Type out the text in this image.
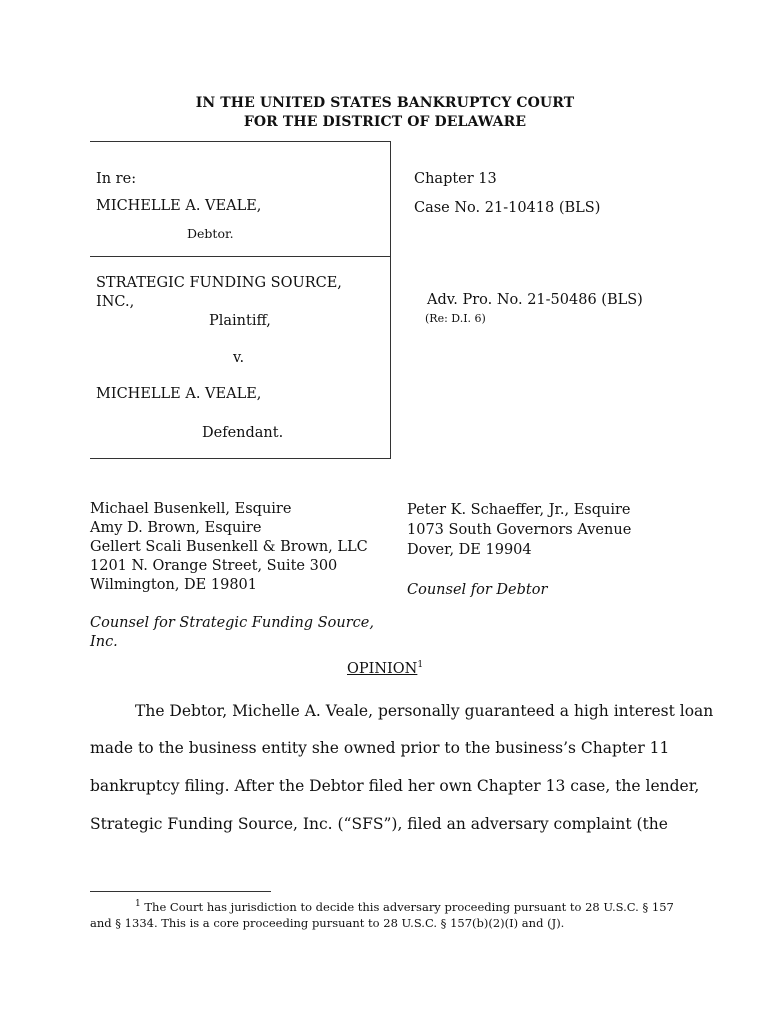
IN THE UNITED STATES BANKRUPTCY COURT
FOR THE DISTRICT OF DELAWARE
In re:
MICHELLE A. VEALE,
Debtor.
STRATEGIC FUNDING SOURCE,
INC.,
Plaintiff,
v.
MICHELLE A. VEALE,
Defendant.
Chapter 13
Case No. 21-10418 (BLS)
Adv. Pro. No. 21-50486 (BLS)
(Re: D.I. 6)
Michael Busenkell, Esquire
Amy D. Brown, Esquire
Gellert Scali Busenkell & Brown, LLC
1201 N. Orange Street, Suite 300
Wilmington, DE 19801
Counsel for Strategic Funding Source,
Inc.
Peter K. Schaeffer, Jr., Esquire
1073 South Governors Avenue
Dover, DE 19904
Counsel for Debtor
OPINION$^1$
The Debtor, Michelle A. Veale, personally guaranteed a high interest loan
made to the business entity she owned prior to the business’s Chapter 11
bankruptcy filing. After the Debtor filed her own Chapter 13 case, the lender,
Strategic Funding Source, Inc. (“SFS”), filed an adversary complaint (the
$^1$ The Court has jurisdiction to decide this adversary proceeding pursuant to 28 U.S.C. § 157
and § 1334. This is a core proceeding pursuant to 28 U.S.C. § 157(b)(2)(I) and (J).
